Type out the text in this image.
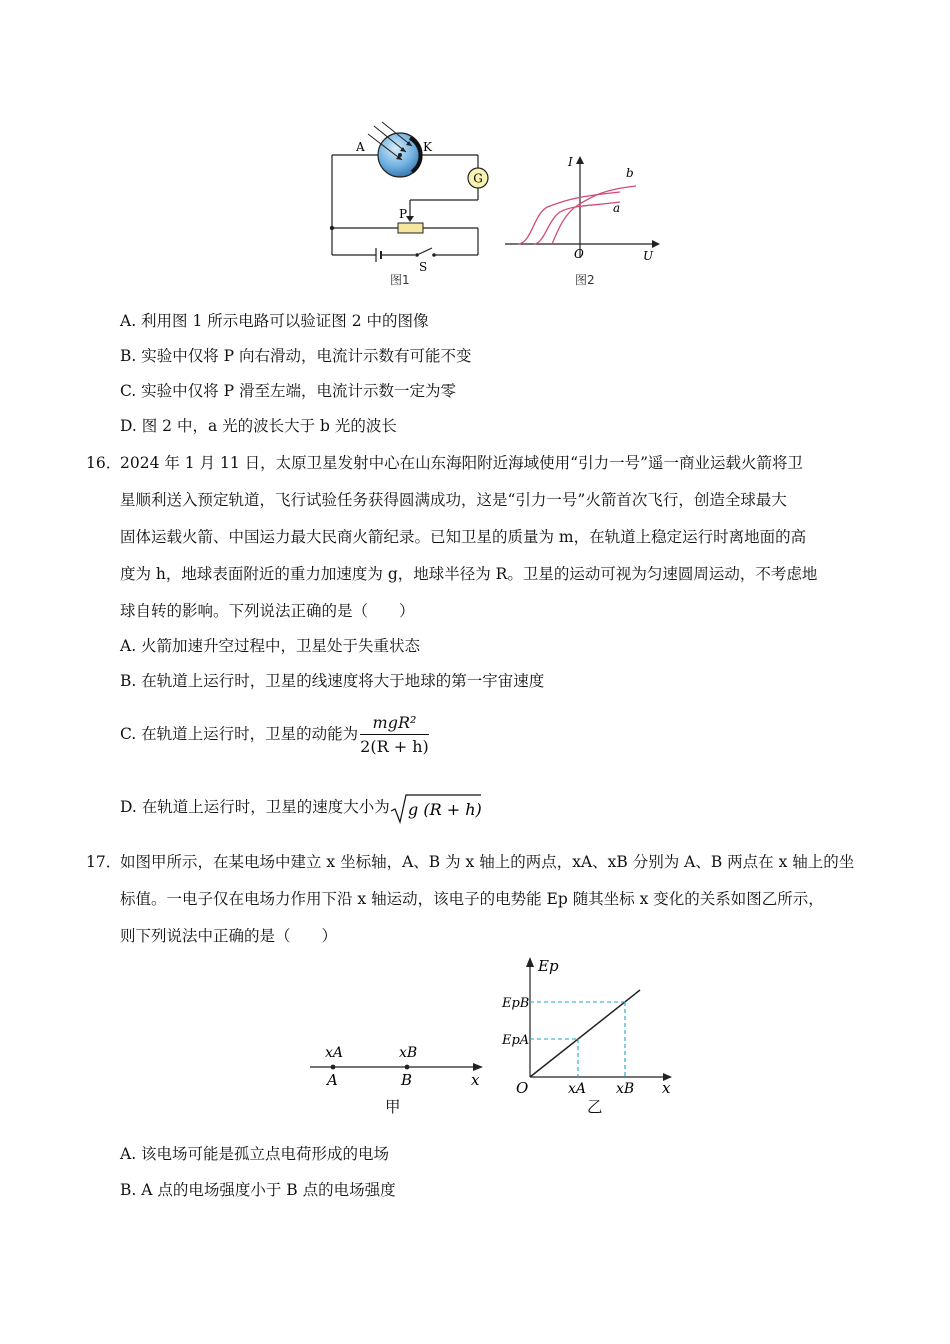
G
A	K
P
S
图1
I
U
O
b
a
图2
A. 利用图 1 所示电路可以验证图 2 中的图像
B. 实验中仅将 P 向右滑动，电流计示数有可能不变
C. 实验中仅将 P 滑至左端，电流计示数一定为零
D. 图 2 中，a 光的波长大于 b 光的波长
16．
2024 年 1 月 11 日，太原卫星发射中心在山东海阳附近海域使用“引力一号”遥一商业运载火箭将卫
星顺利送入预定轨道，飞行试验任务获得圆满成功，这是“引力一号”火箭首次飞行，创造全球最大
固体运载火箭、中国运力最大民商火箭纪录。已知卫星的质量为 m，在轨道上稳定运行时离地面的高
度为 h，地球表面附近的重力加速度为 g，地球半径为 R。卫星的运动可视为匀速圆周运动，不考虑地
球自转的影响。下列说法正确的是（　　）
A. 火箭加速升空过程中，卫星处于失重状态
B. 在轨道上运行时，卫星的线速度将大于地球的第一宇宙速度
C. 在轨道上运行时，卫星的动能为 $\frac{\text{mgR²}}{2(R + h)}$
D. 在轨道上运行时，卫星的速度大小为 g (R + h)
17．
如图甲所示，在某电场中建立 x 坐标轴，A、B 为 x 轴上的两点，xA、xB 分别为 A、B 两点在 x 轴上的坐
标值。一电子仅在电场力作用下沿 x 轴运动，该电子的电势能 Ep 随其坐标 x 变化的关系如图乙所示，
则下列说法中正确的是（　　）
xA	xB
A	B	x
甲
Ep
EpB
EpA
O	xA xB x
乙
A. 该电场可能是孤立点电荷形成的电场
B. A 点的电场强度小于 B 点的电场强度
